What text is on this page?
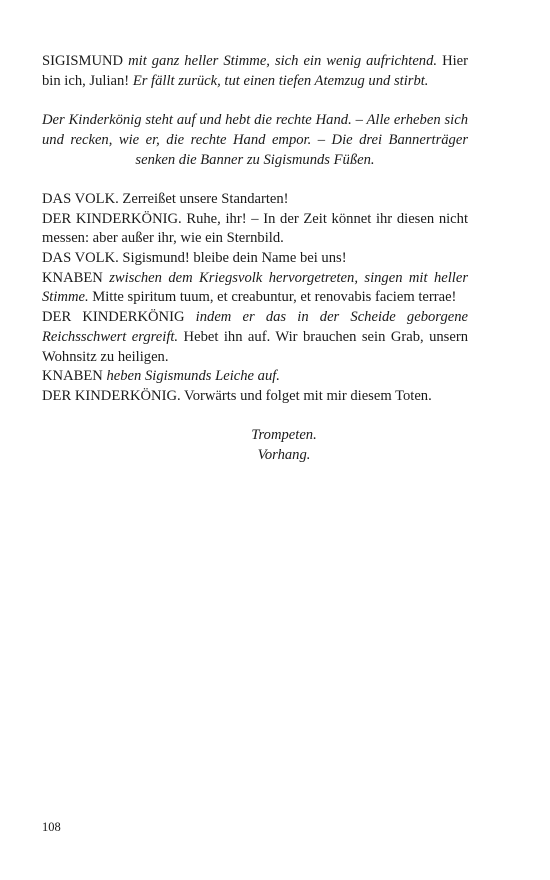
SIGISMUND mit ganz heller Stimme, sich ein wenig aufrichtend. Hier bin ich, Julian! Er fällt zurück, tut einen tiefen Atemzug und stirbt.

Der Kinderkönig steht auf und hebt die rechte Hand. – Alle erheben sich und recken, wie er, die rechte Hand empor. – Die drei Bannerträger senken die Banner zu Sigismunds Füßen.

DAS VOLK. Zerreißet unsere Standarten!

DER KINDERKÖNIG. Ruhe, ihr! – In der Zeit könnet ihr diesen nicht messen: aber außer ihr, wie ein Sternbild.

DAS VOLK. Sigismund! bleibe dein Name bei uns!

KNABEN zwischen dem Kriegsvolk hervorgetreten, singen mit heller Stimme. Mitte spiritum tuum, et creabuntur, et renovabis faciem terrae!

DER KINDERKÖNIG indem er das in der Scheide geborgene Reichsschwert ergreift. Hebet ihn auf. Wir brauchen sein Grab, unsern Wohnsitz zu heiligen.

KNABEN heben Sigismunds Leiche auf.

DER KINDERKÖNIG. Vorwärts und folget mit mir diesem Toten.

Trompeten.
Vorhang.
108
